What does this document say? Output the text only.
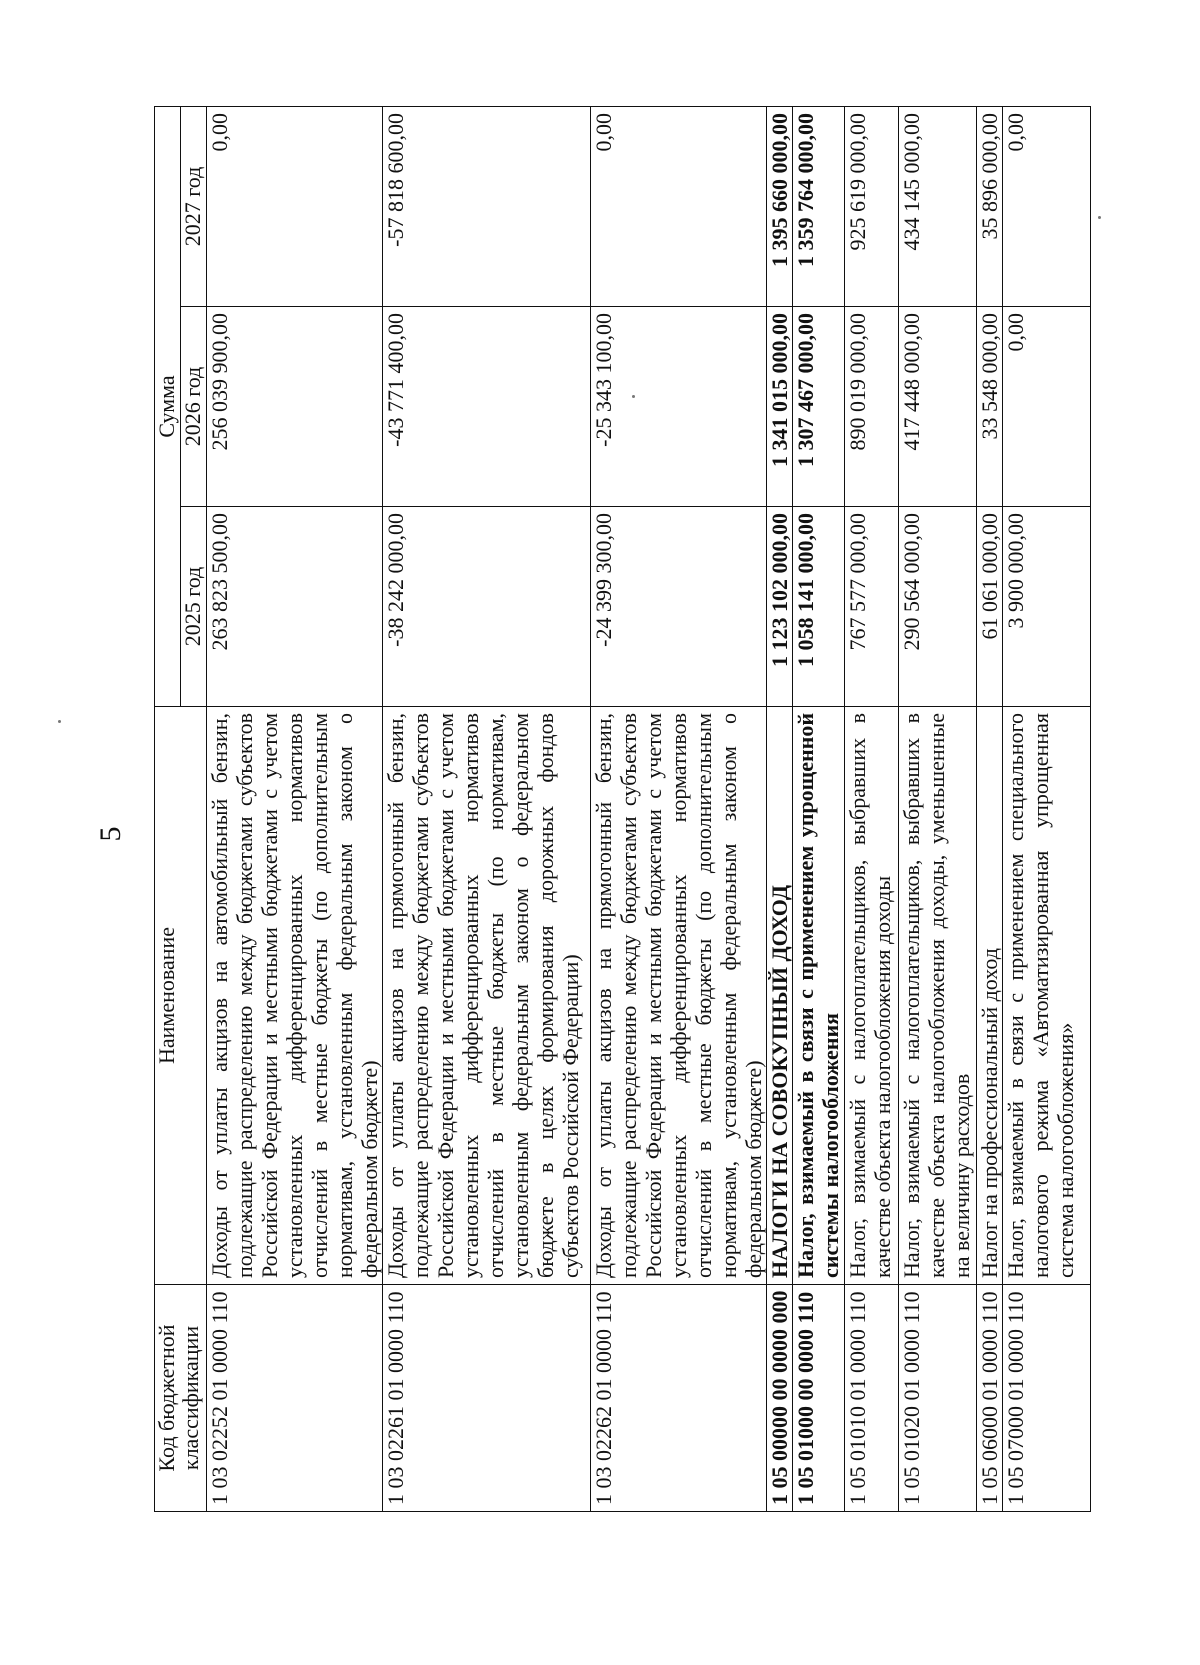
5
Код бюджетной классификации	Наименование	Сумма		
		2025 год	2026 год	2027 год
1 03 02252 01 0000 110	Доходы от уплаты акцизов на автомобильный бензин, подлежащие распределению между бюджетами субъектов Российской Федерации и местными бюджетами с учетом установленных дифференцированных нормативов отчислений в местные бюджеты (по дополнительным нормативам, установленным федеральным законом о федеральном бюджете)	263 823 500,00	256 039 900,00	0,00
1 03 02261 01 0000 110	Доходы от уплаты акцизов на прямогонный бензин, подлежащие распределению между бюджетами субъектов Российской Федерации и местными бюджетами с учетом установленных дифференцированных нормативов отчислений в местные бюджеты (по нормативам, установленным федеральным законом о федеральном бюджете в целях формирования дорожных фондов субъектов Российской Федерации)	-38 242 000,00	-43 771 400,00	-57 818 600,00
1 03 02262 01 0000 110	Доходы от уплаты акцизов на прямогонный бензин, подлежащие распределению между бюджетами субъектов Российской Федерации и местными бюджетами с учетом установленных дифференцированных нормативов отчислений в местные бюджеты (по дополнительным нормативам, установленным федеральным законом о федеральном бюджете)	-24 399 300,00	-25 343 100,00	0,00
1 05 00000 00 0000 000	НАЛОГИ НА СОВОКУПНЫЙ ДОХОД	1 123 102 000,00	1 341 015 000,00	1 395 660 000,00
1 05 01000 00 0000 110	Налог, взимаемый в связи с применением упрощенной системы налогообложения	1 058 141 000,00	1 307 467 000,00	1 359 764 000,00
1 05 01010 01 0000 110	Налог, взимаемый с налогоплательщиков, выбравших в качестве объекта налогообложения доходы	767 577 000,00	890 019 000,00	925 619 000,00
1 05 01020 01 0000 110	Налог, взимаемый с налогоплательщиков, выбравших в качестве объекта налогообложения доходы, уменьшенные на величину расходов	290 564 000,00	417 448 000,00	434 145 000,00
1 05 06000 01 0000 110	Налог на профессиональный доход	61 061 000,00	33 548 000,00	35 896 000,00
1 05 07000 01 0000 110	Налог, взимаемый в связи с применением специального налогового режима «Автоматизированная упрощенная система налогообложения»	3 900 000,00	0,00	0,00
